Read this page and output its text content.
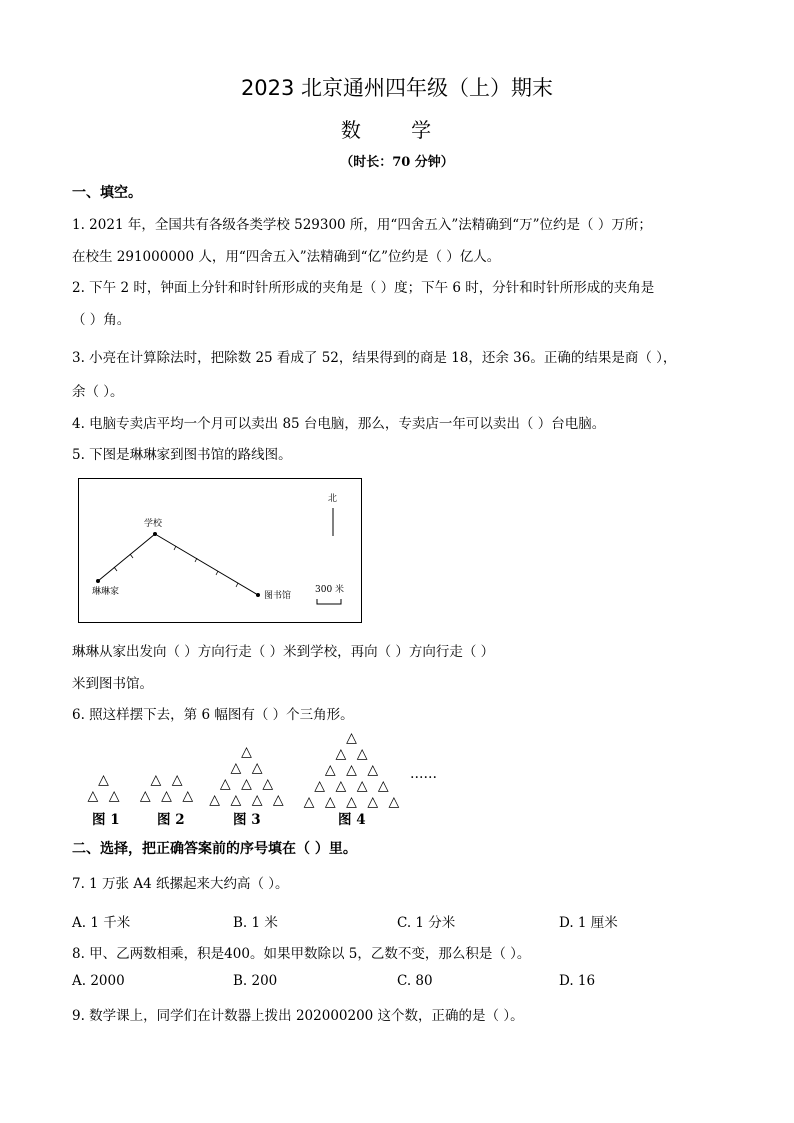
2023 北京通州四年级（上）期末
数 学
（时长：70 分钟）
一、填空。
1. 2021 年，全国共有各级各类学校 529300 所，用“四舍五入”法精确到“万”位约是（ ）万所；
在校生 291000000 人，用“四舍五入”法精确到“亿”位约是（ ）亿人。
2. 下午 2 时，钟面上分针和时针所形成的夹角是（ ）度；下午 6 时，分针和时针所形成的夹角是
（ ）角。
3. 小亮在计算除法时，把除数 25 看成了 52，结果得到的商是 18，还余 36。正确的结果是商（ ），
余（ ）。
4. 电脑专卖店平均一个月可以卖出 85 台电脑，那么，专卖店一年可以卖出（ ）台电脑。
5. 下图是琳琳家到图书馆的路线图。
学校
琳琳家	图书馆
北
300 米
琳琳从家出发向（ ）方向行走（ ）米到学校，再向（ ）方向行走（ ）
米到图书馆。
6. 照这样摆下去，第 6 幅图有（ ）个三角形。
△
△ △
△ △
△ △ △
△
△ △
△ △ △
△ △ △ △
△
△ △
△ △ △
△ △ △ △
△ △ △ △ △
……
图 1	图 2	图 3	图 4
二、选择，把正确答案前的序号填在（ ）里。
7. 1 万张 A4 纸摞起来大约高（ ）。
A. 1 千米	B. 1 米	C. 1 分米	D. 1 厘米
8. 甲、乙两数相乘，积是400。如果甲数除以 5，乙数不变，那么积是（ ）。
A. 2000	B. 200	C. 80	D. 16
9. 数学课上，同学们在计数器上拨出 202000200 这个数，正确的是（ ）。
